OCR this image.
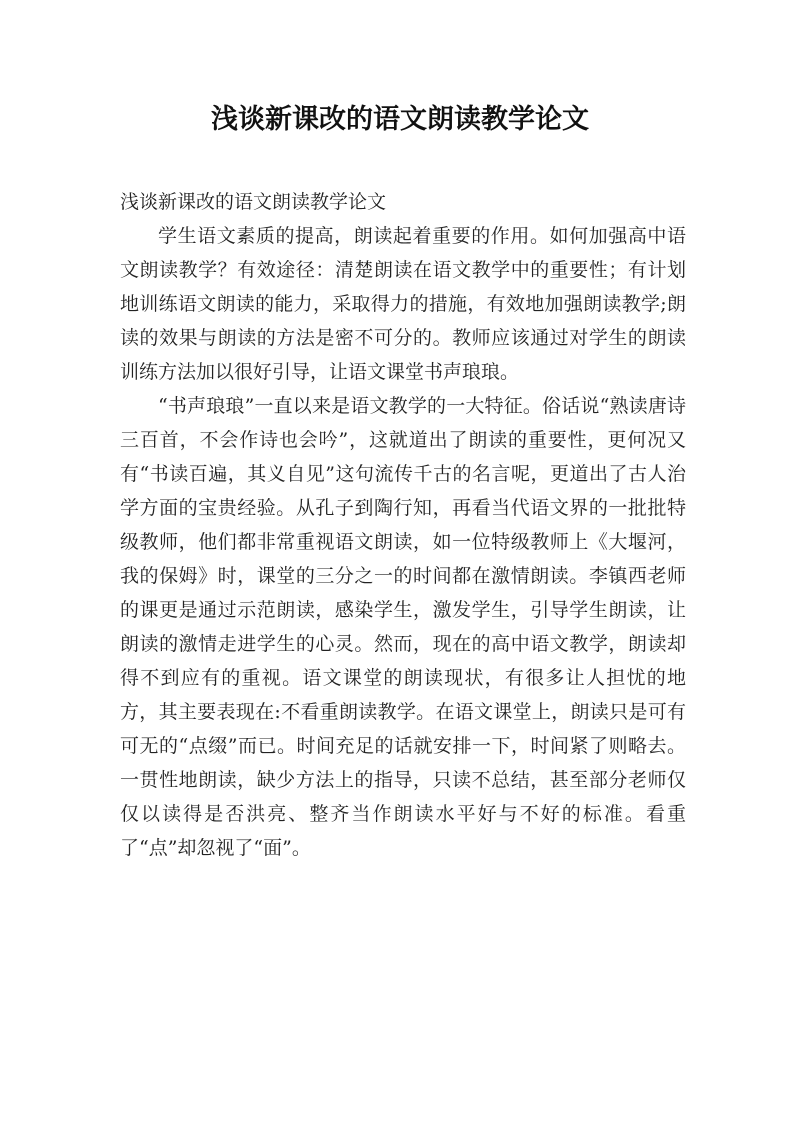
浅谈新课改的语文朗读教学论文

浅谈新课改的语文朗读教学论文

学生语文素质的提高，朗读起着重要的作用。如何加强高中语文朗读教学？有效途径：清楚朗读在语文教学中的重要性；有计划地训练语文朗读的能力，采取得力的措施，有效地加强朗读教学;朗读的效果与朗读的方法是密不可分的。教师应该通过对学生的朗读训练方法加以很好引导，让语文课堂书声琅琅。

“书声琅琅”一直以来是语文教学的一大特征。俗话说“熟读唐诗三百首，不会作诗也会吟”，这就道出了朗读的重要性，更何况又有“书读百遍，其义自见”这句流传千古的名言呢，更道出了古人治学方面的宝贵经验。从孔子到陶行知，再看当代语文界的一批批特级教师，他们都非常重视语文朗读，如一位特级教师上《大堰河，我的保姆》时，课堂的三分之一的时间都在激情朗读。李镇西老师的课更是通过示范朗读，感染学生，激发学生，引导学生朗读，让朗读的激情走进学生的心灵。然而，现在的高中语文教学，朗读却得不到应有的重视。语文课堂的朗读现状，有很多让人担忧的地方，其主要表现在:不看重朗读教学。在语文课堂上，朗读只是可有可无的“点缀”而已。时间充足的话就安排一下，时间紧了则略去。一贯性地朗读，缺少方法上的指导，只读不总结，甚至部分老师仅仅以读得是否洪亮、整齐当作朗读水平好与不好的标准。看重了“点”却忽视了“面”。
